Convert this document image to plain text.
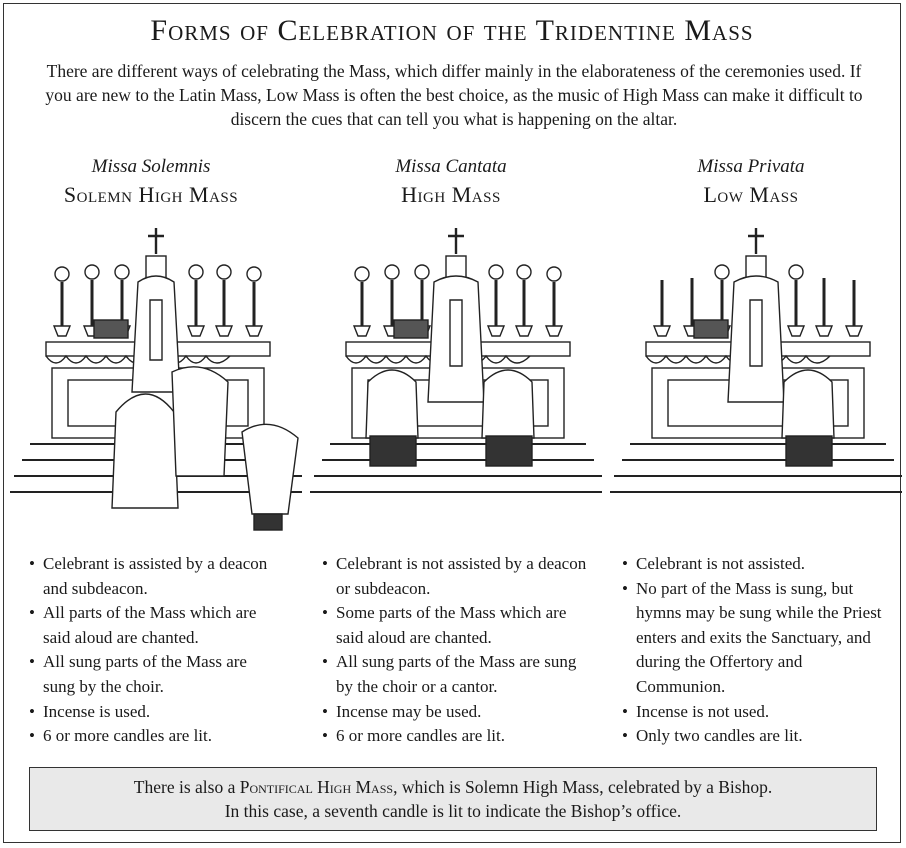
Forms of Celebration of the Tridentine Mass
There are different ways of celebrating the Mass, which differ mainly in the elaborateness of the ceremonies used. If you are new to the Latin Mass, Low Mass is often the best choice, as the music of High Mass can make it difficult to discern the cues that can tell you what is happening on the altar.
Missa Solemnis
Solemn High Mass
Missa Cantata
High Mass
Missa Privata
Low Mass
• Celebrant is assisted by a deacon and subdeacon.
• All parts of the Mass which are said aloud are chanted.
• All sung parts of the Mass are sung by the choir.
• Incense is used.
• 6 or more candles are lit.
• Celebrant is not assisted by a deacon or subdeacon.
• Some parts of the Mass which are said aloud are chanted.
• All sung parts of the Mass are sung by the choir or a cantor.
• Incense may be used.
• 6 or more candles are lit.
• Celebrant is not assisted.
• No part of the Mass is sung, but hymns may be sung while the Priest enters and exits the Sanctuary, and during the Offertory and Communion.
• Incense is not used.
• Only two candles are lit.
There is also a Pontifical High Mass, which is Solemn High Mass, celebrated by a Bishop.
In this case, a seventh candle is lit to indicate the Bishop’s office.
